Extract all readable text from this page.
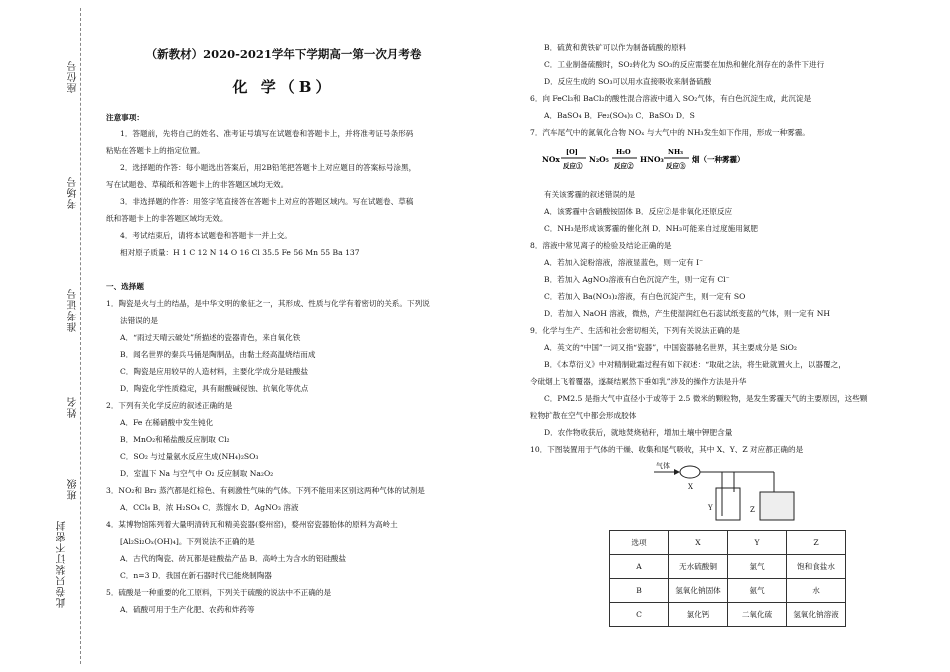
座位号
考场号
准考证号
姓名
班级
此卷只装订不密封
（新教材）2020-2021学年下学期高一第一次月考卷
化 学（B）
注意事项：
1．答题前，先将自己的姓名、准考证号填写在试题卷和答题卡上，并将准考证号条形码
粘贴在答题卡上的指定位置。
2．选择题的作答：每小题选出答案后，用2B铅笔把答题卡上对应题目的答案标号涂黑，
写在试题卷、草稿纸和答题卡上的非答题区域均无效。
3．非选择题的作答：用签字笔直接答在答题卡上对应的答题区域内。写在试题卷、草稿
纸和答题卡上的非答题区域均无效。
4．考试结束后，请将本试题卷和答题卡一并上交。
相对原子质量：H 1 C 12 N 14 O 16 Cl 35.5 Fe 56 Mn 55 Ba 137
一、选择题
1．陶瓷是火与土的结晶，是中华文明的象征之一，其形成、性质与化学有着密切的关系。下列说
法错误的是
A．“雨过天晴云破处”所描述的瓷器青色，来自氧化铁
B．闻名世界的秦兵马俑是陶制品，由黏土经高温烧结而成
C．陶瓷是应用较早的人造材料，主要化学成分是硅酸盐
D．陶瓷化学性质稳定，具有耐酸碱侵蚀、抗氧化等优点
2．下列有关化学反应的叙述正确的是
A．Fe 在稀硝酸中发生钝化
B．MnO₂和稀盐酸反应制取 Cl₂
C．SO₂ 与过量氨水反应生成(NH₄)₂SO₃
D．室温下 Na 与空气中 O₂ 反应制取 Na₂O₂
3．NO₂和 Br₂ 蒸汽都是红棕色、有刺激性气味的气体。下列不能用来区别这两种气体的试剂是
A．CCl₄ B．浓 H₂SO₄ C．蒸馏水 D．AgNO₃ 溶液
4．某博物馆陈列着大量明清砖瓦和精美瓷器(婺州窑)，婺州窑瓷器胎体的原料为高岭土
[Al₂Si₂Oₓ(OH)₄]。下列说法不正确的是
A．古代的陶瓷、砖瓦都是硅酸盐产品 B．高岭土为含水的铝硅酸盐
C．n=3 D．我国在新石器时代已能烧制陶器
5．硫酸是一种重要的化工原料，下列关于硫酸的说法中不正确的是
A．硫酸可用于生产化肥、农药和炸药等
B．硫黄和黄铁矿可以作为制备硫酸的原料
C．工业制备硫酸时，SO₂转化为 SO₃的反应需要在加热和催化剂存在的条件下进行
D．反应生成的 SO₃可以用水直接吸收来制备硫酸
6．向 FeCl₃和 BaCl₂的酸性混合溶液中通入 SO₂气体，有白色沉淀生成，此沉淀是
A．BaSO₄ B．Fe₂(SO₄)₃ C．BaSO₃ D．S
7．汽车尾气中的氮氧化合物 NOₓ 与大气中的 NH₃发生如下作用，形成一种雾霾。
NOx
[O]
反应①
N₂O₅
H₂O
反应②
HNO₃
NH₃
反应③
烟（一种雾霾）
有关该雾霾的叙述错误的是
A．该雾霾中含硝酸铵固体 B．反应②是非氧化还原反应
C．NH₃是形成该雾霾的催化剂 D．NH₃可能来自过度施用氮肥
8．溶液中常见离子的检验及结论正确的是
A．若加入淀粉溶液，溶液显蓝色，则一定有 I⁻
B．若加入 AgNO₃溶液有白色沉淀产生，则一定有 Cl⁻
C．若加入 Ba(NO₃)₂溶液，有白色沉淀产生，则一定有 SO
D．若加入 NaOH 溶液，微热，产生使湿润红色石蕊试纸变蓝的气体，则一定有 NH
9．化学与生产、生活和社会密切相关，下列有关说法正确的是
A．英文的“中国”一词又指“瓷器”，中国瓷器驰名世界，其主要成分是 SiO₂
B．《本草衍义》中对精制砒霜过程有如下叙述：“取砒之法，将生砒就置火上，以器覆之，
令砒烟上飞着覆器，遂凝结累然下垂如乳”涉及的操作方法是升华
C．PM2.5 是指大气中直径小于或等于 2.5 微米的颗粒物，是发生雾霾天气的主要原因，这些颗
粒物扩散在空气中都会形成胶体
D．农作物收获后，就地焚烧秸秆，增加土壤中钾肥含量
10．下图装置用于气体的干燥、收集和尾气吸收，其中 X、Y、Z 对应都正确的是
气体
X
Y	Z
选项	X	Y	Z
A	无水硫酸铜	氯气	饱和食盐水
B	氢氧化钠固体	氨气	水
C	氯化钙	二氧化硫	氢氧化钠溶液
